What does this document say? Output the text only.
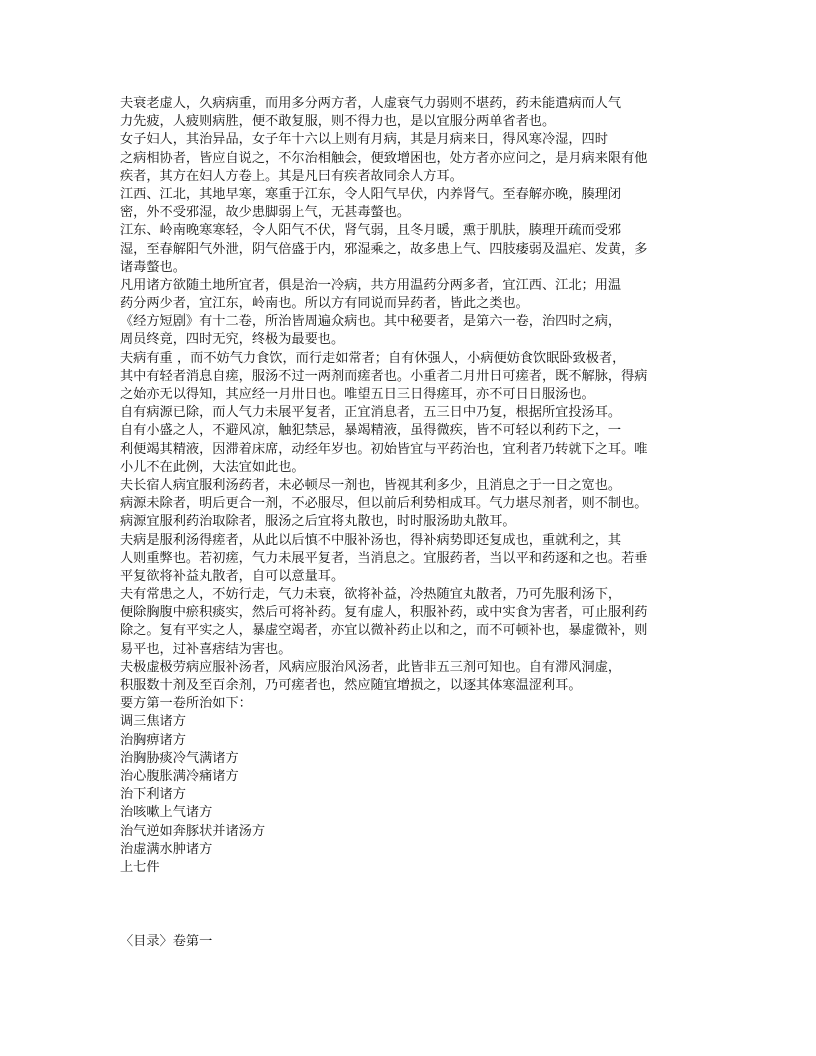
夫衰老虚人，久病病重，而用多分两方者，人虚衰气力弱则不堪药，药未能遣病而人气
力先疲，人疲则病胜，便不敢复服，则不得力也，是以宜服分两单省者也。
女子妇人，其治异品，女子年十六以上则有月病，其是月病来日，得风寒冷湿，四时
之病相协者，皆应自说之，不尔治相触会，便致增困也，处方者亦应问之，是月病来限有他
疾者，其方在妇人方卷上。其是凡曰有疾者故同余人方耳。
江西、江北，其地早寒，寒重于江东，令人阳气早伏，内养肾气。至春解亦晚，腠理闭
密，外不受邪湿，故少患脚弱上气，无甚毒螫也。
江东、岭南晚寒寒轻，令人阳气不伏，肾气弱，且冬月暖，熏于肌肤，腠理开疏而受邪
湿，至春解阳气外泄，阴气倍盛于内，邪湿乘之，故多患上气、四肢痿弱及温疟、发黄，多
诸毒螫也。
凡用诸方欲随土地所宜者，俱是治一冷病，共方用温药分两多者，宜江西、江北；用温
药分两少者，宜江东，岭南也。所以方有同说而异药者，皆此之类也。
《经方短剧》有十二卷，所治皆周遍众病也。其中秘要者，是第六一卷，治四时之病，
周员终竟，四时无究，终极为最要也。
夫病有重 ，而不妨气力食饮，而行走如常者；自有休强人，小病便妨食饮眠卧致极者，
其中有轻者消息自瘥，服汤不过一两剂而瘥者也。小重者二月卅日可瘥者，既不解脉，得病
之始亦无以得知，其应经一月卅日也。唯望五日三日得瘥耳，亦不可日日服汤也。
自有病源已除，而人气力未展平复者，正宜消息者，五三日中乃复，根据所宜投汤耳。
自有小盛之人，不避风凉，触犯禁忌，暴竭精液，虽得微疾，皆不可轻以利药下之，一
利便竭其精液，因滞着床席，动经年岁也。初始皆宜与平药治也，宜利者乃转就下之耳。唯
小儿不在此例，大法宜如此也。
夫长宿人病宜服利汤药者，未必顿尽一剂也，皆视其利多少，且消息之于一日之宽也。
病源未除者，明后更合一剂，不必服尽，但以前后利势相成耳。气力堪尽剂者，则不制也。
病源宜服利药治取除者，服汤之后宜将丸散也，时时服汤助丸散耳。
夫病是服利汤得瘥者，从此以后慎不中服补汤也，得补病势即还复成也，重就利之，其
人则重弊也。若初瘥，气力未展平复者，当消息之。宜服药者，当以平和药逐和之也。若垂
平复欲将补益丸散者，自可以意量耳。
夫有常患之人，不妨行走，气力未衰，欲将补益，冷热随宜丸散者，乃可先服利汤下，
便除胸腹中瘀积痰实，然后可将补药。复有虚人，积服补药，或中实食为害者，可止服利药
除之。复有平实之人，暴虚空竭者，亦宜以微补药止以和之，而不可顿补也，暴虚微补，则
易平也，过补喜痞结为害也。
夫极虚极劳病应服补汤者，风病应服治风汤者，此皆非五三剂可知也。自有滞风洞虚，
积服数十剂及至百余剂，乃可瘥者也，然应随宜增损之，以逐其体寒温涩利耳。
要方第一卷所治如下：
调三焦诸方
治胸痹诸方
治胸胁痰冷气满诸方
治心腹胀满冷痛诸方
治下利诸方
治咳嗽上气诸方
治气逆如奔豚状并诸汤方
治虚满水肿诸方
上七件
〈目录〉卷第一
